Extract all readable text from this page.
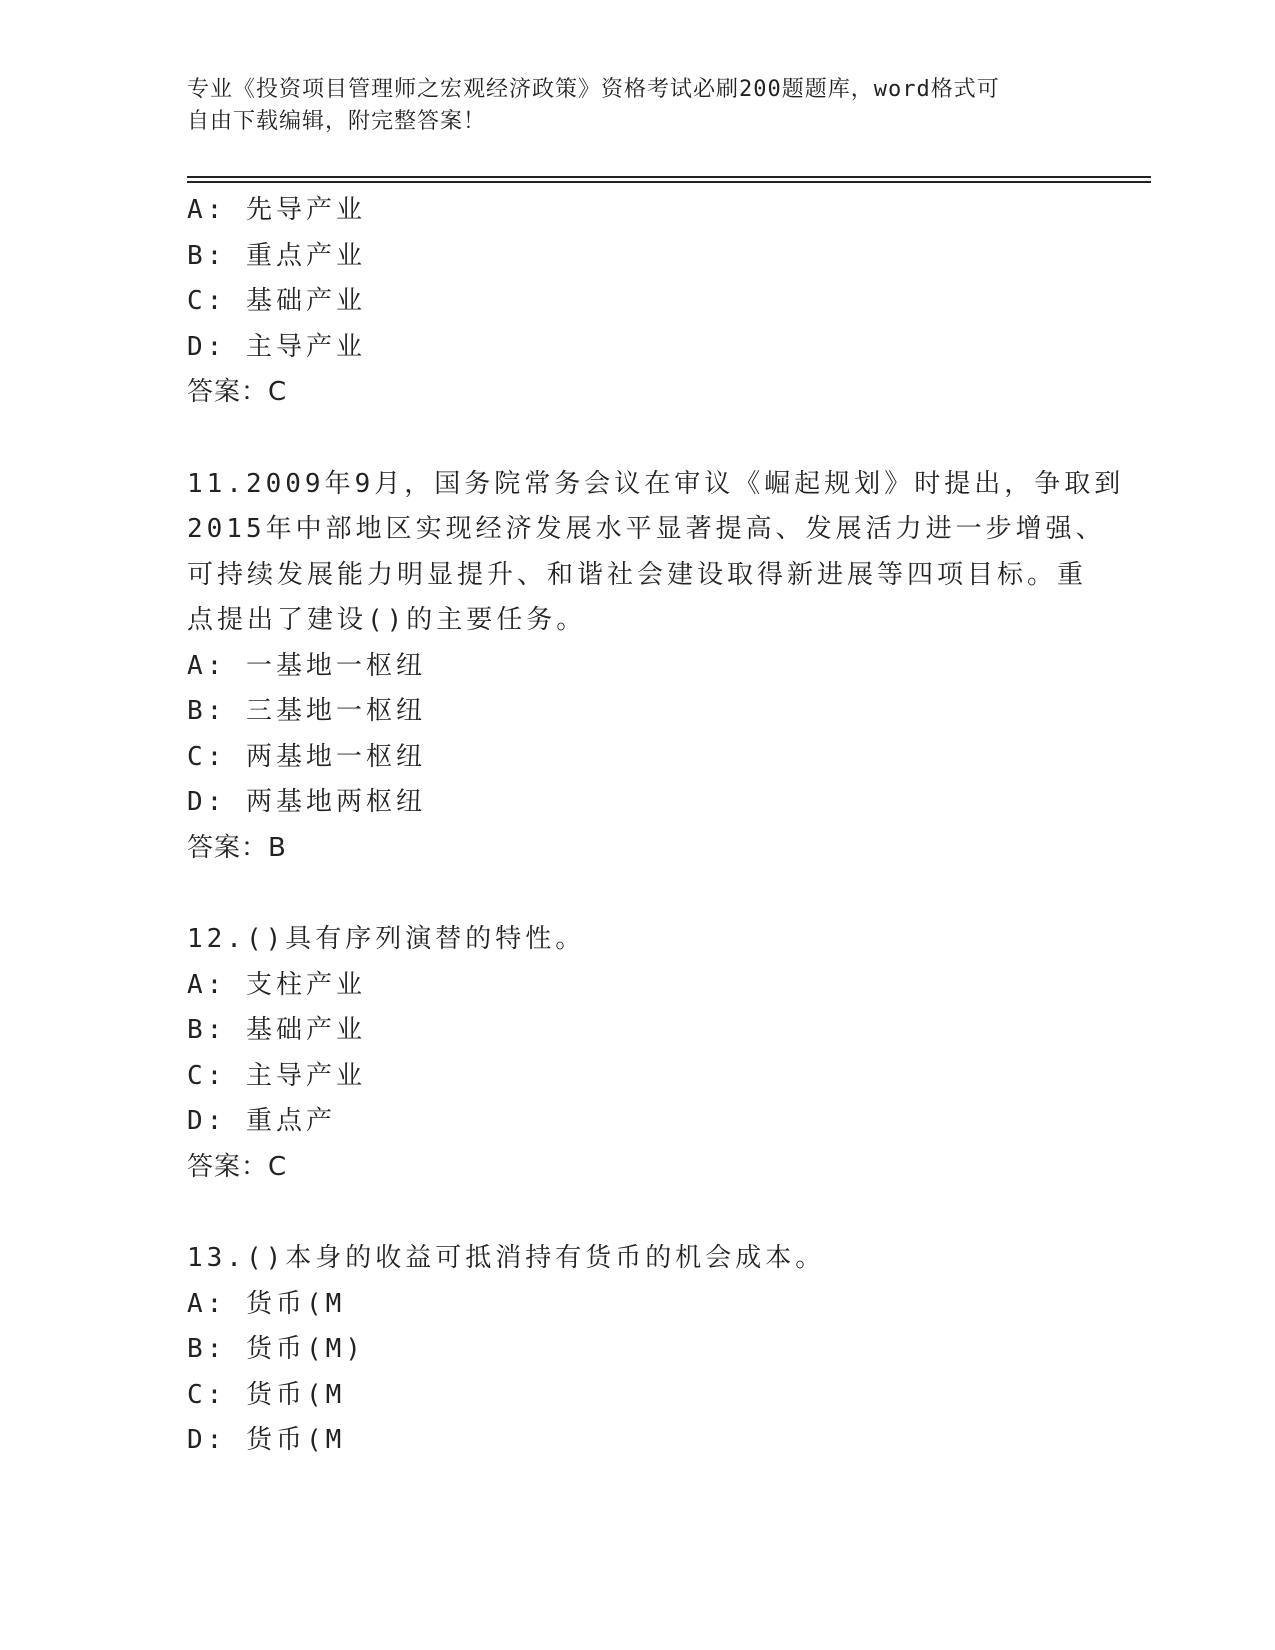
专业《投资项目管理师之宏观经济政策》资格考试必刷200题题库，word格式可
自由下载编辑，附完整答案！
A: 先导产业
B: 重点产业
C: 基础产业
D: 主导产业
答案：C
11.2009年9月，国务院常务会议在审议《崛起规划》时提出，争取到
2015年中部地区实现经济发展水平显著提高、发展活力进一步增强、
可持续发展能力明显提升、和谐社会建设取得新进展等四项目标。重
点提出了建设()的主要任务。
A: 一基地一枢纽
B: 三基地一枢纽
C: 两基地一枢纽
D: 两基地两枢纽
答案：B
12.()具有序列演替的特性。
A: 支柱产业
B: 基础产业
C: 主导产业
D: 重点产
答案：C
13.()本身的收益可抵消持有货币的机会成本。
A: 货币(M
B: 货币(M)
C: 货币(M
D: 货币(M
